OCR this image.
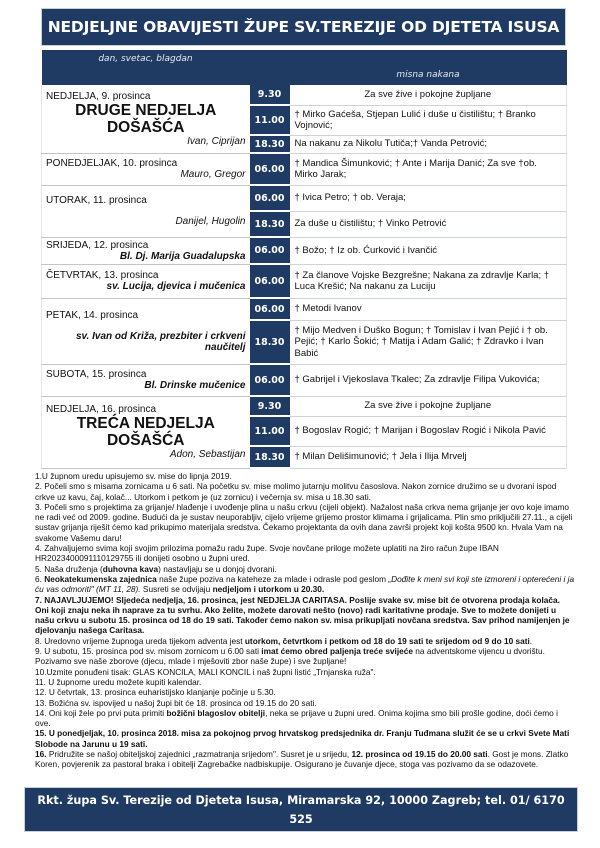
NEDJELJNE OBAVIJESTI ŽUPE SV.TEREZIJE OD DJETETA ISUSA
dan, svetac, blagdan		misna nakana

NEDJELJA, 9. prosinca
DRUGE NEDJELJA DOŠAŠĆA
Ivan, Ciprijan	9.30	Za sve žive i pokojne župljane
	11.00	† Mirko Gaćeša, Stjepan Lulić i duše u čistilištu; † Branko Vojnović;
	18.30	Na nakanu za Nikolu Tutiča;† Vanda Petrović;

PONEDJELJAK, 10. prosinca
Mauro, Gregor	06.00	† Mandica Šimunković; † Ante i Marija Danić; Za sve †ob. Mirko Jarak;

UTORAK, 11. prosinca
Danijel, Hugolin	06.00	† Ivica Petro; † ob. Veraja;
	18.30	Za duše u čistilištu; † Vinko Petrović

SRIJEDA, 12. prosinca
Bl. Dj. Marija Guadalupska	06.00	† Božo; † Iz ob. Ćurković i Ivančić

ČETVRTAK, 13. prosinca
sv. Lucija, djevica i mučenica	06.00	† Za članove Vojske Bezgrešne; Nakana za zdravlje Karla; † Luca Krešić; Na nakanu za Luciju

PETAK, 14. prosinca
sv. Ivan od Križa, prezbiter i crkveni naučitelj	06.00	† Metodi Ivanov
	18.30	† Mijo Medven i Duško Bogun; † Tomislav i Ivan Pejić i † ob. Pejić; † Karlo Šokić; † Matija i Adam Galić; † Zdravko i Ivan Babić

SUBOTA, 15. prosinca
Bl. Drinske mučenice	06.00	† Gabrijel i Vjekoslava Tkalec; Za zdravlje Filipa Vukovića;

NEDJELJA, 16. prosinca
TREĆA NEDJELJA DOŠAŠĆA
Adon, Sebastijan	9.30	Za sve žive i pokojne župljane
	11.00	† Bogoslav Rogić; † Marijan i Bogoslav Rogić i Nikola Pavić
	18.30	† Milan Delišimunović; † Jela i Ilija Mrvelj

1.U župnom uredu upisujemo sv. mise do lipnja 2019.

2. Počeli smo s misama zornicama u 6 sati. Na početku sv. mise molimo jutarnju molitvu časoslova. Nakon zornice družimo se u dvorani ispod crkve uz kavu, čaj, kolač... Utorkom i petkom je (uz zornicu) i večernja sv. misa u 18.30 sati.

3. Počeli smo s projektima za grijanje/ hlađenje i uvođenje plina u našu crkvu (cijeli objekt). Nažalost naša crkva nema grijanje jer ovo koje imamo ne radi već od 2009. godine. Budući da je sustav neuporabljiv, cijelo vrijeme grijemo prostor klimama i grijalicama. Plin smo priključili 27.11., a cijeli sustav grijanja riješit ćemo kad prikupimo materijala sredstva. Čekamo projektanta da ovih dana završi projekt koji košta 9500 kn. Hvala Vam na svakome Vašemu daru!

4. Zahvaljujemo svima koji svojim prilozima pomažu radu župe. Svoje novčane priloge možete uplatiti na žiro račun župe IBAN HR2023400091110129755 ili donijeti osobno u župni ured.

5. Naša druženja (duhovna kava) nastavljaju se u donjoj dvorani.

6. Neokatekumenska zajednica naše župe poziva na kateheze za mlade i odrasle pod geslom „Dođite k meni svi koji ste izmoreni i opterećeni i ja ću vas odmoriti" (MT 11, 28). Susreti se odvijaju nedjeljom i utorkom u 20.30.

7. NAJAVLJUJEMO! Sljedeća nedjelja, 16. prosinca, jest NEDJELJA CARITASA. Poslije svake sv. mise bit će otvorena prodaja kolača. Oni koji znaju neka ih naprave za tu svrhu. Ako želite, možete darovati nešto (novo) radi karitativne prodaje. Sve to možete donijeti u našu crkvu u subotu 15. prosinca od 18 do 19 sati. Također ćemo nakon sv. misa prikupljati novčana sredstva. Sav prihod namijenjen je djelovanju našega Caritasa.

8. Uredovno vrijeme župnoga ureda tijekom adventa jest utorkom, četvrtkom i petkom od 18 do 19 sati te srijedom od 9 do 10 sati.

9. U subotu, 15. prosinca pod sv. misom zornicom u 6.00 sati imat ćemo obred paljenja treće svijeće na adventskome vijencu u dvorištu. Pozivamo sve naše zborove (djecu, mlade i mješoviti zbor naše župe) i sve župljane!

10.Uzmite ponuđeni tisak: GLAS KONCILA, MALI KONCIL i naš župni listić „Trnjanska ruža".

11. U župnome uredu možete kupiti kalendar.

12. U četvrtak, 13. prosinca euharistijsko klanjanje počinje u 5.30.

13. Božićna sv. ispovijed u našoj župi bit će 18. prosinca od 19.15 do 20 sati.

14. Oni koji žele po prvi puta primiti božični blagoslov obitelji, neka se prijave u župni ured. Onima kojima smo bili prošle godine, doći ćemo i ove.

15. U ponedjeljak, 10. prosinca 2018. misa za pokojnog prvog hrvatskog predsjednika dr. Franju Tuđmana služit će se u crkvi Svete Mati Slobode na Jarunu u 19 sati.

16. Pridružite se našoj obiteljskoj zajednici „razmatranja srijedom". Susret je u srijedu, 12. prosinca od 19.15 do 20.00 sati. Gost je mons. Zlatko Koren, povjerenik za pastoral braka i obitelji Zagrebačke nadbiskupije. Osigurano je čuvanje djece, stoga vas pozivamo da se odazovete.

Rkt. župa Sv. Terezije od Djeteta Isusa, Miramarska 92, 10000 Zagreb; tel. 01/ 6170 525
IBAN : HR2023400091110129755
